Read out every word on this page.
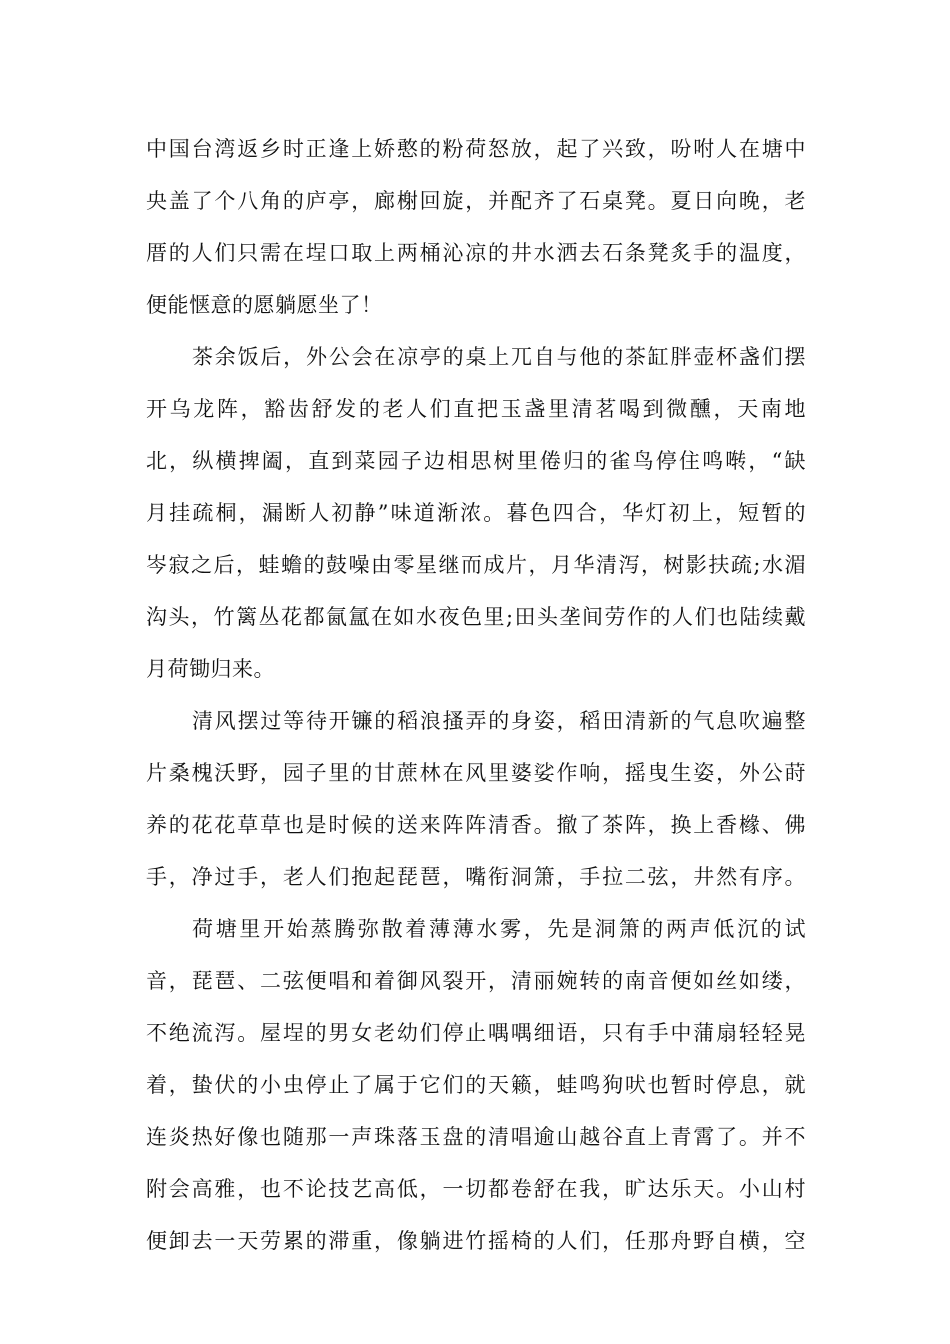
中国台湾返乡时正逢上娇憨的粉荷怒放，起了兴致，吩咐人在塘中
央盖了个八角的庐亭，廊榭回旋，并配齐了石桌凳。夏日向晚，老
厝的人们只需在埕口取上两桶沁凉的井水洒去石条凳炙手的温度，
便能惬意的愿躺愿坐了！
茶余饭后，外公会在凉亭的桌上兀自与他的茶缸胖壶杯盏们摆
开乌龙阵，豁齿舒发的老人们直把玉盏里清茗喝到微醺，天南地
北，纵横捭阖，直到菜园子边相思树里倦归的雀鸟停住鸣啭，“缺
月挂疏桐，漏断人初静”味道渐浓。暮色四合，华灯初上，短暂的
岑寂之后，蛙蟾的鼓噪由零星继而成片，月华清泻，树影扶疏;水湄
沟头，竹篱丛花都氤氲在如水夜色里;田头垄间劳作的人们也陆续戴
月荷锄归来。
清风摆过等待开镰的稻浪搔弄的身姿，稻田清新的气息吹遍整
片桑槐沃野，园子里的甘蔗林在风里婆娑作响，摇曳生姿，外公莳
养的花花草草也是时候的送来阵阵清香。撤了茶阵，换上香橼、佛
手，净过手，老人们抱起琵琶，嘴衔洞箫，手拉二弦，井然有序。
荷塘里开始蒸腾弥散着薄薄水雾，先是洞箫的两声低沉的试
音，琵琶、二弦便唱和着御风裂开，清丽婉转的南音便如丝如缕，
不绝流泻。屋埕的男女老幼们停止喁喁细语，只有手中蒲扇轻轻晃
着，蛰伏的小虫停止了属于它们的天籁，蛙鸣狗吠也暂时停息，就
连炎热好像也随那一声珠落玉盘的清唱逾山越谷直上青霄了。并不
附会高雅，也不论技艺高低，一切都卷舒在我，旷达乐天。小山村
便卸去一天劳累的滞重，像躺进竹摇椅的人们，任那舟野自横，空
